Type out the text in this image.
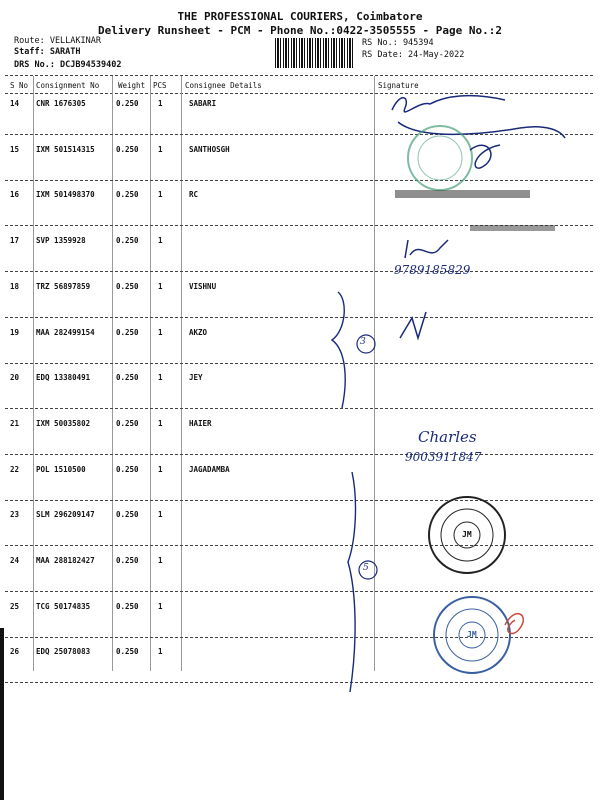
THE PROFESSIONAL COURIERS, Coimbatore
Delivery Runsheet - PCM - Phone No.:0422-3505555 - Page No.:2
Route: VELLAKINAR
Staff: SARATH
DRS No.: DCJB94539402
RS No.: 945394
RS Date: 24-May-2022
S No Consignment No	Weight PCS Consignee Details	Signature
14 CNR 1676305	0.250	1	SABARI
15 IXM 501514315	0.250	1	SANTHOSGH
16 IXM 501498370	0.250	1	RC
17 SVP 1359928	0.250	1
18 TRZ 56897859	0.250	1	VISHNU
19 MAA 282499154	0.250	1	AKZO
20 EDQ 13380491	0.250	1	JEY
21 IXM 50035802	0.250	1	HAIER
22 POL 1510500	0.250	1	JAGADAMBA
23 SLM 296209147	0.250	1
24 MAA 288182427	0.250	1
25 TCG 50174835	0.250	1
26 EDQ 25078083	0.250	1
9789185829
3
Charles
9003911847
5
JM
JM
